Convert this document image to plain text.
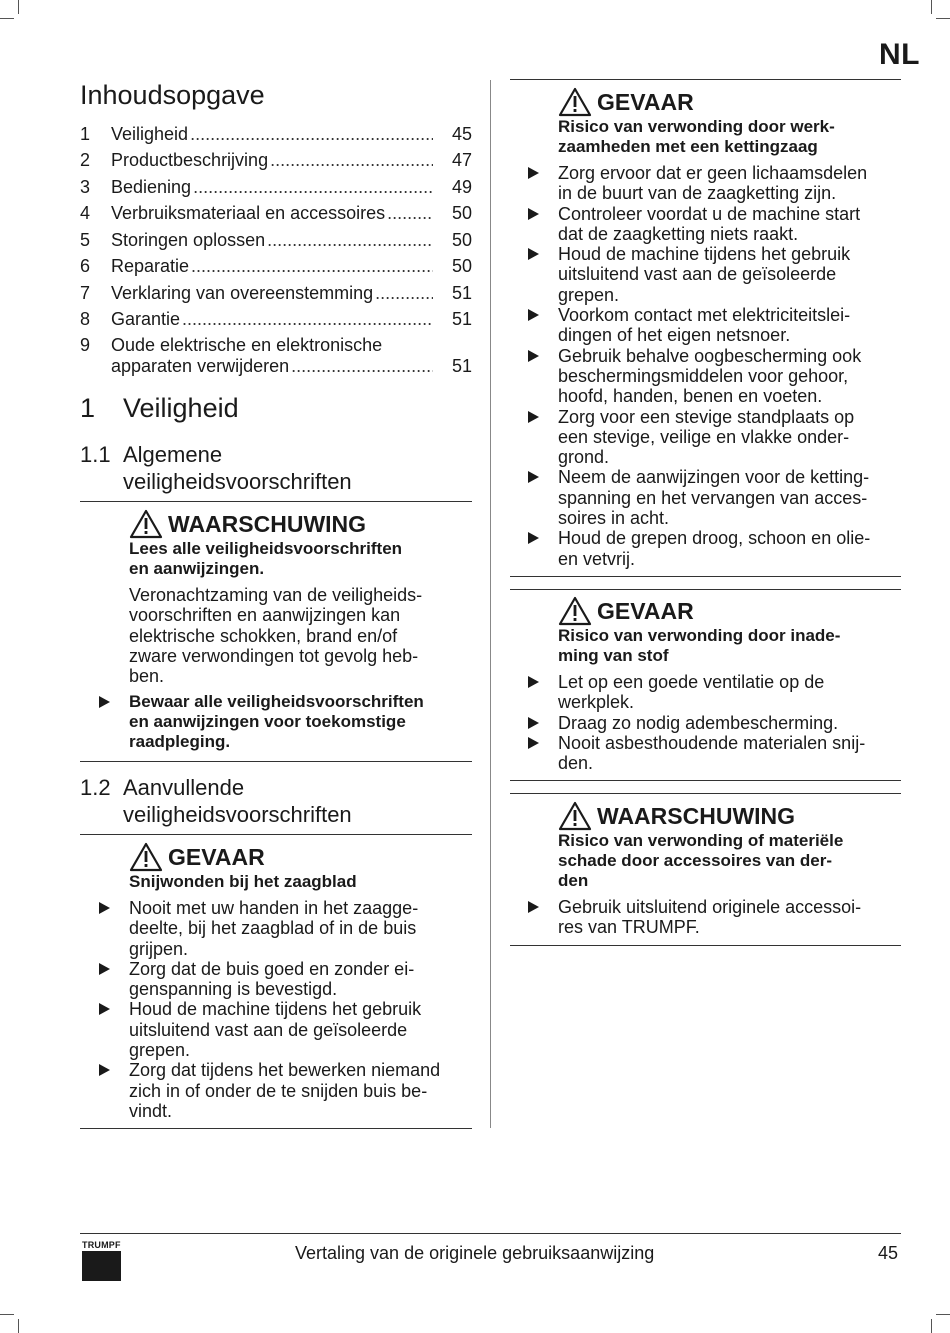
NL
Inhoudsopgave
1	Veiligheid .....	45
2	Productbeschrijving .....	47
3	Bediening .....	49
4	Verbruiksmateriaal en accessoires .....	50
5	Storingen oplossen .....	50
6	Reparatie .....	50
7	Verklaring van overeenstemming .....	51
8	Garantie .....	51
9	Oude elektrische en elektronische
apparaten verwijderen .....	51
1 Veiligheid
1.1 Algemene
veiligheidsvoorschriften
WAARSCHUWING
Lees alle veiligheidsvoorschriften
en aanwijzingen.
Veronachtzaming van de veiligheids-
voorschriften en aanwijzingen kan
elektrische schokken, brand en/of
zware verwondingen tot gevolg heb-
ben.
Bewaar alle veiligheidsvoorschriften
en aanwijzingen voor toekomstige
raadpleging.
1.2 Aanvullende
veiligheidsvoorschriften
GEVAAR
Snijwonden bij het zaagblad
Nooit met uw handen in het zaagge-
deelte, bij het zaagblad of in de buis
grijpen.
Zorg dat de buis goed en zonder ei-
genspanning is bevestigd.
Houd de machine tijdens het gebruik
uitsluitend vast aan de geïsoleerde
grepen.
Zorg dat tijdens het bewerken niemand
zich in of onder de te snijden buis be-
vindt.
GEVAAR
Risico van verwonding door werk-
zaamheden met een kettingzaag
Zorg ervoor dat er geen lichaamsdelen
in de buurt van de zaagketting zijn.
Controleer voordat u de machine start
dat de zaagketting niets raakt.
Houd de machine tijdens het gebruik
uitsluitend vast aan de geïsoleerde
grepen.
Voorkom contact met elektriciteitslei-
dingen of het eigen netsnoer.
Gebruik behalve oogbescherming ook
beschermingsmiddelen voor gehoor,
hoofd, handen, benen en voeten.
Zorg voor een stevige standplaats op
een stevige, veilige en vlakke onder-
grond.
Neem de aanwijzingen voor de ketting-
spanning en het vervangen van acces-
soires in acht.
Houd de grepen droog, schoon en olie-
en vetvrij.
GEVAAR
Risico van verwonding door inade-
ming van stof
Let op een goede ventilatie op de
werkplek.
Draag zo nodig adembescherming.
Nooit asbesthoudende materialen snij-
den.
WAARSCHUWING
Risico van verwonding of materiële
schade door accessoires van der-
den
Gebruik uitsluitend originele accessoi-
res van TRUMPF.
TRUMPF	Vertaling van de originele gebruiksaanwijzing	45
